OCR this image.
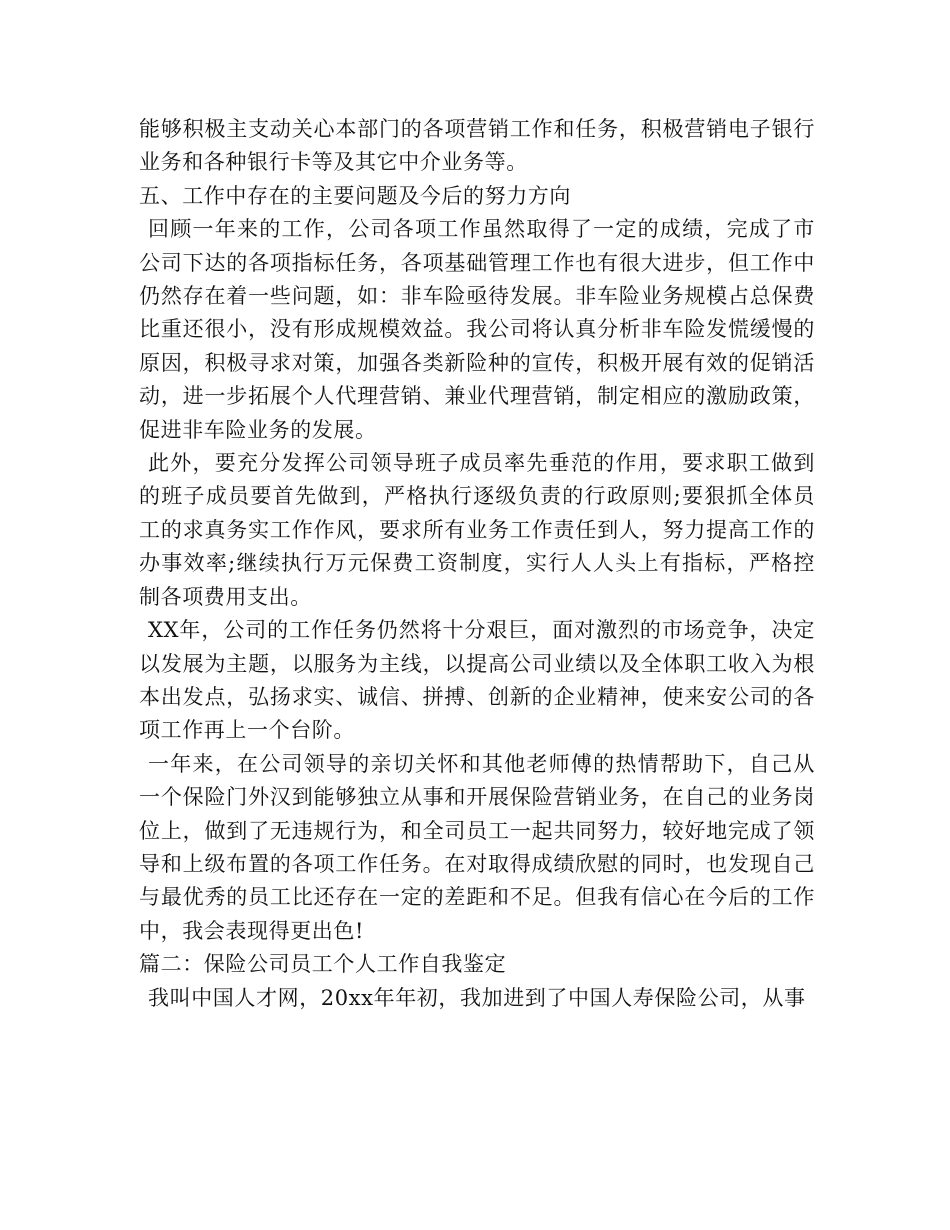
能够积极主支动关心本部门的各项营销工作和任务，积极营销电子银行业务和各种银行卡等及其它中介业务等。

五、工作中存在的主要问题及今后的努力方向

回顾一年来的工作，公司各项工作虽然取得了一定的成绩，完成了市公司下达的各项指标任务，各项基础管理工作也有很大进步，但工作中仍然存在着一些问题，如：非车险亟待发展。非车险业务规模占总保费比重还很小，没有形成规模效益。我公司将认真分析非车险发慌缓慢的原因，积极寻求对策，加强各类新险种的宣传，积极开展有效的促销活动，进一步拓展个人代理营销、兼业代理营销，制定相应的激励政策，促进非车险业务的发展。

此外，要充分发挥公司领导班子成员率先垂范的作用，要求职工做到的班子成员要首先做到，严格执行逐级负责的行政原则;要狠抓全体员工的求真务实工作作风，要求所有业务工作责任到人，努力提高工作的办事效率;继续执行万元保费工资制度，实行人人头上有指标，严格控制各项费用支出。

XX年，公司的工作任务仍然将十分艰巨，面对激烈的市场竞争，决定以发展为主题，以服务为主线，以提高公司业绩以及全体职工收入为根本出发点，弘扬求实、诚信、拼搏、创新的企业精神，使来安公司的各项工作再上一个台阶。

一年来，在公司领导的亲切关怀和其他老师傅的热情帮助下，自己从一个保险门外汉到能够独立从事和开展保险营销业务，在自己的业务岗位上，做到了无违规行为，和全司员工一起共同努力，较好地完成了领导和上级布置的各项工作任务。在对取得成绩欣慰的同时，也发现自己与最优秀的员工比还存在一定的差距和不足。但我有信心在今后的工作中，我会表现得更出色!

篇二：保险公司员工个人工作自我鉴定

我叫中国人才网，20xx年年初，我加进到了中国人寿保险公司，从事
